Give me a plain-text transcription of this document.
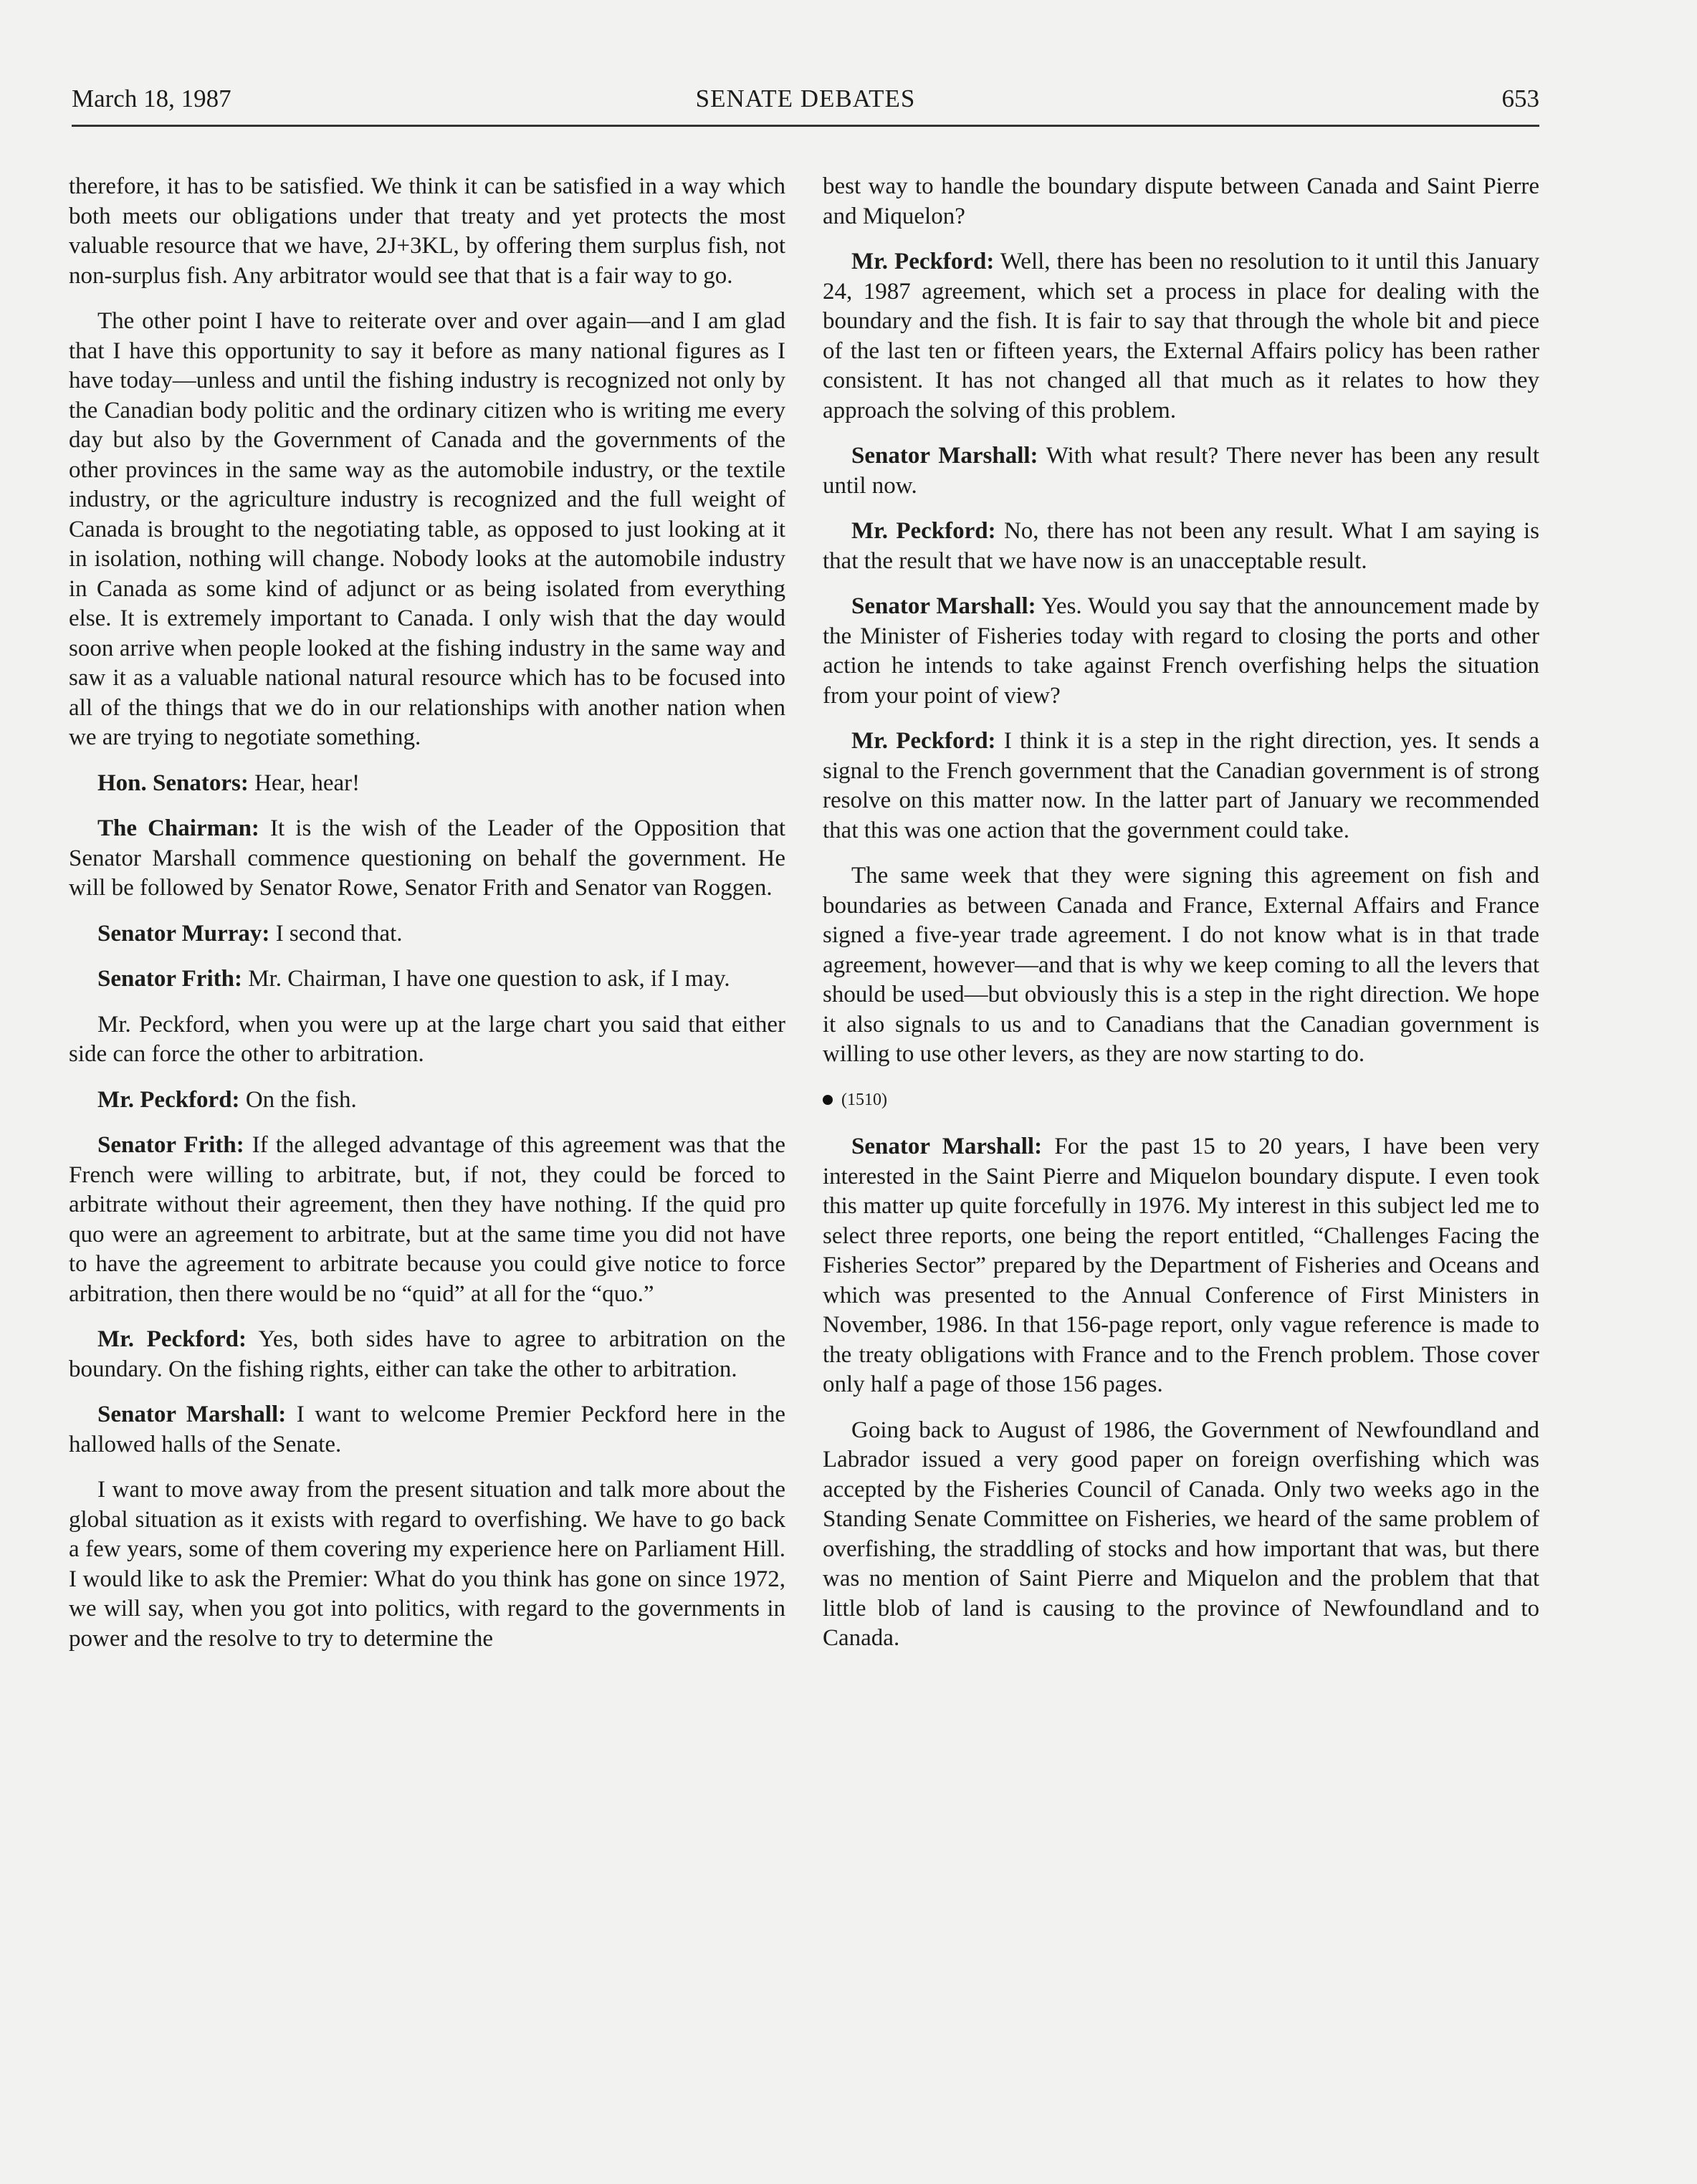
March 18, 1987	SENATE DEBATES	653

therefore, it has to be satisfied. We think it can be satisfied in a way which both meets our obligations under that treaty and yet protects the most valuable resource that we have, 2J+3KL, by offering them surplus fish, not non-surplus fish. Any arbitrator would see that that is a fair way to go.

The other point I have to reiterate over and over again—and I am glad that I have this opportunity to say it before as many national figures as I have today—unless and until the fishing industry is recognized not only by the Canadian body politic and the ordinary citizen who is writing me every day but also by the Government of Canada and the governments of the other provinces in the same way as the automobile industry, or the textile industry, or the agriculture industry is recognized and the full weight of Canada is brought to the negotiating table, as opposed to just looking at it in isolation, nothing will change. Nobody looks at the automobile industry in Canada as some kind of adjunct or as being isolated from everything else. It is extremely important to Canada. I only wish that the day would soon arrive when people looked at the fishing industry in the same way and saw it as a valuable national natural resource which has to be focused into all of the things that we do in our relationships with another nation when we are trying to negotiate something.

Hon. Senators: Hear, hear!

The Chairman: It is the wish of the Leader of the Opposition that Senator Marshall commence questioning on behalf the government. He will be followed by Senator Rowe, Senator Frith and Senator van Roggen.

Senator Murray: I second that.

Senator Frith: Mr. Chairman, I have one question to ask, if I may.

Mr. Peckford, when you were up at the large chart you said that either side can force the other to arbitration.

Mr. Peckford: On the fish.

Senator Frith: If the alleged advantage of this agreement was that the French were willing to arbitrate, but, if not, they could be forced to arbitrate without their agreement, then they have nothing. If the quid pro quo were an agreement to arbitrate, but at the same time you did not have to have the agreement to arbitrate because you could give notice to force arbitration, then there would be no “quid” at all for the “quo.”

Mr. Peckford: Yes, both sides have to agree to arbitration on the boundary. On the fishing rights, either can take the other to arbitration.

Senator Marshall: I want to welcome Premier Peckford here in the hallowed halls of the Senate.

I want to move away from the present situation and talk more about the global situation as it exists with regard to overfishing. We have to go back a few years, some of them covering my experience here on Parliament Hill. I would like to ask the Premier: What do you think has gone on since 1972, we will say, when you got into politics, with regard to the governments in power and the resolve to try to determine the

best way to handle the boundary dispute between Canada and Saint Pierre and Miquelon?

Mr. Peckford: Well, there has been no resolution to it until this January 24, 1987 agreement, which set a process in place for dealing with the boundary and the fish. It is fair to say that through the whole bit and piece of the last ten or fifteen years, the External Affairs policy has been rather consistent. It has not changed all that much as it relates to how they approach the solving of this problem.

Senator Marshall: With what result? There never has been any result until now.

Mr. Peckford: No, there has not been any result. What I am saying is that the result that we have now is an unacceptable result.

Senator Marshall: Yes. Would you say that the announcement made by the Minister of Fisheries today with regard to closing the ports and other action he intends to take against French overfishing helps the situation from your point of view?

Mr. Peckford: I think it is a step in the right direction, yes. It sends a signal to the French government that the Canadian government is of strong resolve on this matter now. In the latter part of January we recommended that this was one action that the government could take.

The same week that they were signing this agreement on fish and boundaries as between Canada and France, External Affairs and France signed a five-year trade agreement. I do not know what is in that trade agreement, however—and that is why we keep coming to all the levers that should be used—but obviously this is a step in the right direction. We hope it also signals to us and to Canadians that the Canadian government is willing to use other levers, as they are now starting to do.

(1510)

Senator Marshall: For the past 15 to 20 years, I have been very interested in the Saint Pierre and Miquelon boundary dispute. I even took this matter up quite forcefully in 1976. My interest in this subject led me to select three reports, one being the report entitled, “Challenges Facing the Fisheries Sector” prepared by the Department of Fisheries and Oceans and which was presented to the Annual Conference of First Ministers in November, 1986. In that 156-page report, only vague reference is made to the treaty obligations with France and to the French problem. Those cover only half a page of those 156 pages.

Going back to August of 1986, the Government of Newfoundland and Labrador issued a very good paper on foreign overfishing which was accepted by the Fisheries Council of Canada. Only two weeks ago in the Standing Senate Committee on Fisheries, we heard of the same problem of overfishing, the straddling of stocks and how important that was, but there was no mention of Saint Pierre and Miquelon and the problem that that little blob of land is causing to the province of Newfoundland and to Canada.
